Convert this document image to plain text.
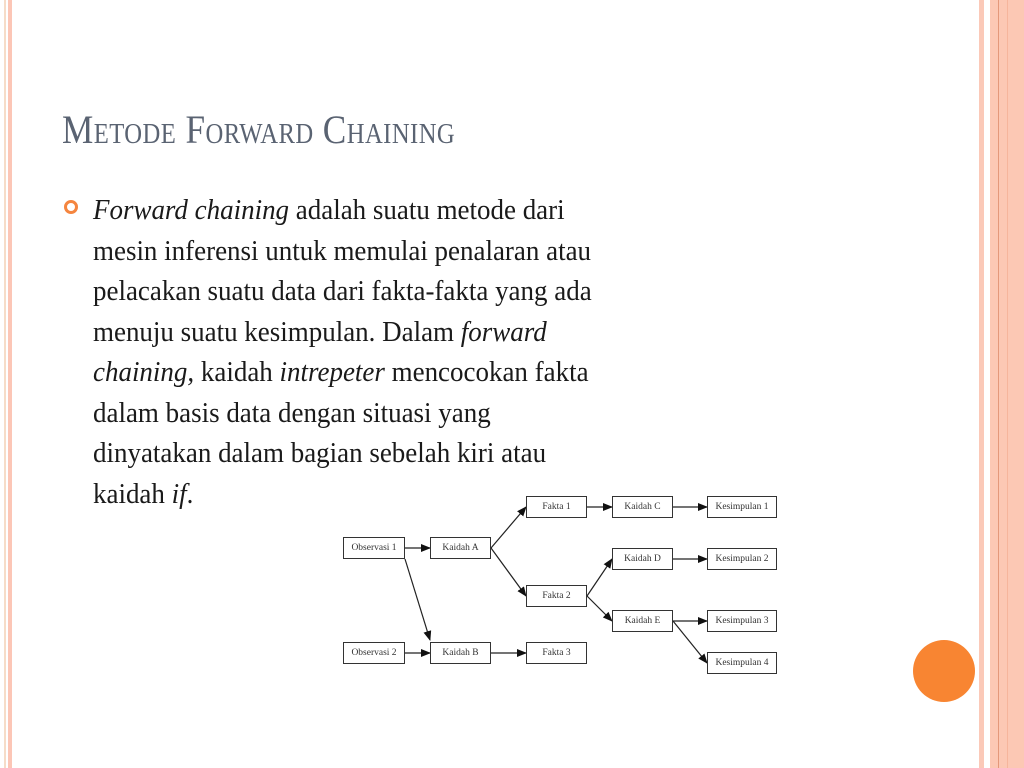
Metode Forward Chaining
Forward chaining adalah suatu metode dari
mesin inferensi untuk memulai penalaran atau
pelacakan suatu data dari fakta-fakta yang ada
menuju suatu kesimpulan. Dalam forward
chaining, kaidah intrepeter mencocokan fakta
dalam basis data dengan situasi yang
dinyatakan dalam bagian sebelah kiri atau
kaidah if.
Observasi 1
Observasi 2
Kaidah A
Kaidah B
Fakta 1
Fakta 2
Fakta 3
Kaidah C
Kaidah D
Kaidah E
Kesimpulan 1
Kesimpulan 2
Kesimpulan 3
Kesimpulan 4
